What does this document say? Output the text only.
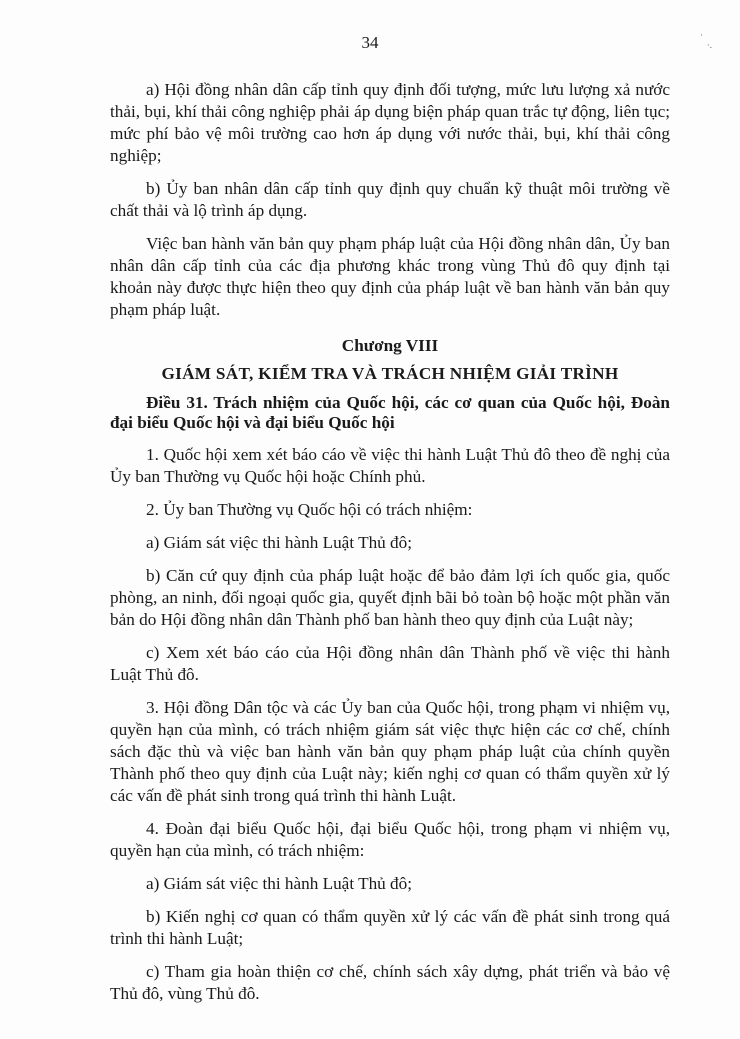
34	·
·.

a) Hội đồng nhân dân cấp tỉnh quy định đối tượng, mức lưu lượng xả nước thải, bụi, khí thải công nghiệp phải áp dụng biện pháp quan trắc tự động, liên tục; mức phí bảo vệ môi trường cao hơn áp dụng với nước thải, bụi, khí thải công nghiệp;

b) Ủy ban nhân dân cấp tỉnh quy định quy chuẩn kỹ thuật môi trường về chất thải và lộ trình áp dụng.

Việc ban hành văn bản quy phạm pháp luật của Hội đồng nhân dân, Ủy ban nhân dân cấp tỉnh của các địa phương khác trong vùng Thủ đô quy định tại khoản này được thực hiện theo quy định của pháp luật về ban hành văn bản quy phạm pháp luật.

Chương VIII
GIÁM SÁT, KIỂM TRA VÀ TRÁCH NHIỆM GIẢI TRÌNH
Điều 31. Trách nhiệm của Quốc hội, các cơ quan của Quốc hội, Đoàn đại biểu Quốc hội và đại biểu Quốc hội

1. Quốc hội xem xét báo cáo về việc thi hành Luật Thủ đô theo đề nghị của Ủy ban Thường vụ Quốc hội hoặc Chính phủ.

2. Ủy ban Thường vụ Quốc hội có trách nhiệm:

a) Giám sát việc thi hành Luật Thủ đô;

b) Căn cứ quy định của pháp luật hoặc để bảo đảm lợi ích quốc gia, quốc phòng, an ninh, đối ngoại quốc gia, quyết định bãi bỏ toàn bộ hoặc một phần văn bản do Hội đồng nhân dân Thành phố ban hành theo quy định của Luật này;

c) Xem xét báo cáo của Hội đồng nhân dân Thành phố về việc thi hành Luật Thủ đô.

3. Hội đồng Dân tộc và các Ủy ban của Quốc hội, trong phạm vi nhiệm vụ, quyền hạn của mình, có trách nhiệm giám sát việc thực hiện các cơ chế, chính sách đặc thù và việc ban hành văn bản quy phạm pháp luật của chính quyền Thành phố theo quy định của Luật này; kiến nghị cơ quan có thẩm quyền xử lý các vấn đề phát sinh trong quá trình thi hành Luật.

4. Đoàn đại biểu Quốc hội, đại biểu Quốc hội, trong phạm vi nhiệm vụ, quyền hạn của mình, có trách nhiệm:

a) Giám sát việc thi hành Luật Thủ đô;

b) Kiến nghị cơ quan có thẩm quyền xử lý các vấn đề phát sinh trong quá trình thi hành Luật;

c) Tham gia hoàn thiện cơ chế, chính sách xây dựng, phát triển và bảo vệ Thủ đô, vùng Thủ đô.
